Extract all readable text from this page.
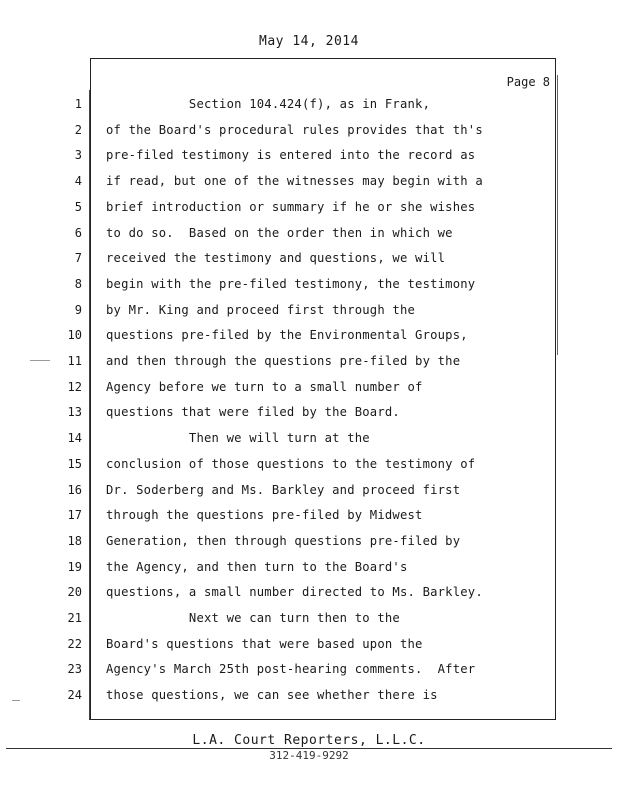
May 14, 2014
Page 8
1 Section 104.424(f), as in Frank,
2 of the Board's procedural rules provides that th's
3 pre-filed testimony is entered into the record as
4 if read, but one of the witnesses may begin with a
5 brief introduction or summary if he or she wishes
6 to do so.  Based on the order then in which we
7 received the testimony and questions, we will
8 begin with the pre-filed testimony, the testimony
9 by Mr. King and proceed first through the
10 questions pre-filed by the Environmental Groups,
11 and then through the questions pre-filed by the
12 Agency before we turn to a small number of
13 questions that were filed by the Board.
14 Then we will turn at the
15 conclusion of those questions to the testimony of
16 Dr. Soderberg and Ms. Barkley and proceed first
17 through the questions pre-filed by Midwest
18 Generation, then through questions pre-filed by
19 the Agency, and then turn to the Board's
20 questions, a small number directed to Ms. Barkley.
21 Next we can turn then to the
22 Board's questions that were based upon the
23 Agency's March 25th post-hearing comments.  After
24 those questions, we can see whether there is
L.A. Court Reporters, L.L.C.
312-419-9292
